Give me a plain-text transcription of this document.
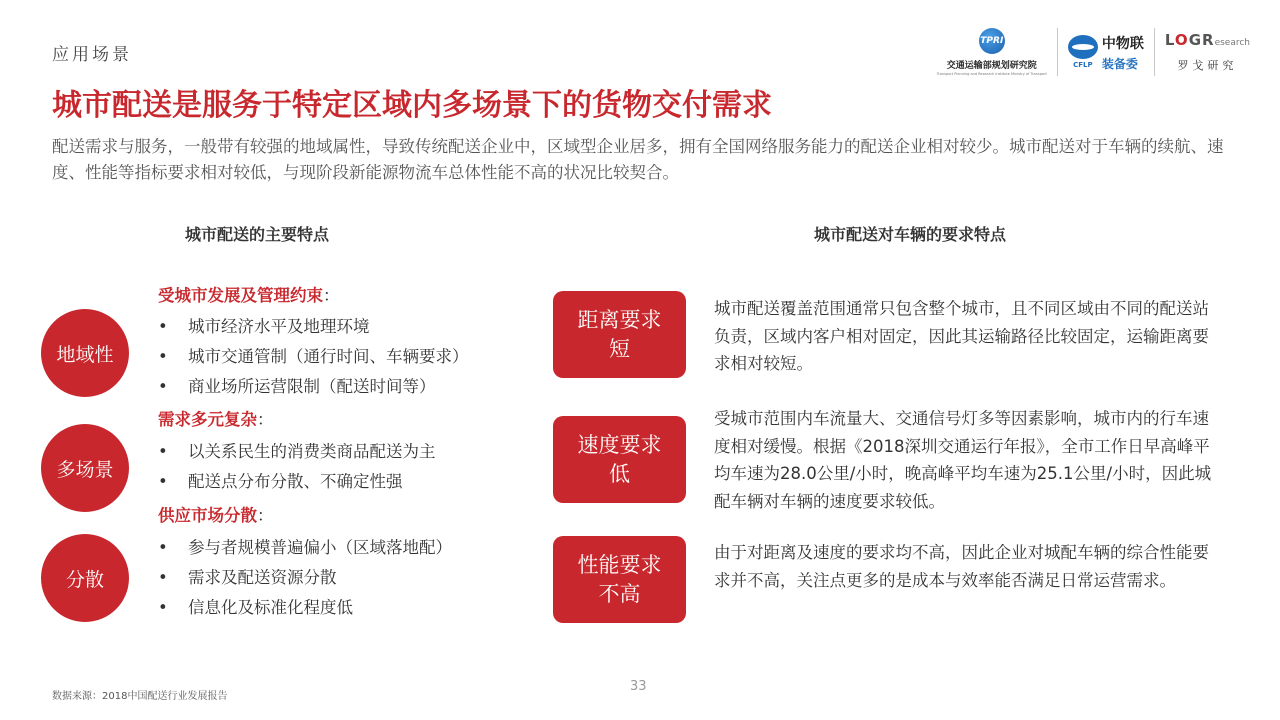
应用场景
TPRI
交通运输部规划研究院
Transport Planning and Research Institute Ministry of Transport
CFLP
中物联
装备委
LOGR esearch
罗戈研究
城市配送是服务于特定区域内多场景下的货物交付需求
配送需求与服务，一般带有较强的地域属性，导致传统配送企业中，区域型企业居多，拥有全国网络服务能力的配送企业相对较少。城市配送对于车辆的续航、速度、性能等指标要求相对较低，与现阶段新能源物流车总体性能不高的状况比较契合。
城市配送的主要特点	城市配送对车辆的要求特点
地域性
受城市发展及管理约束：
• 城市经济水平及地理环境
• 城市交通管制（通行时间、车辆要求）
• 商业场所运营限制（配送时间等）
多场景
需求多元复杂：
• 以关系民生的消费类商品配送为主
• 配送点分布分散、不确定性强
分散
供应市场分散：
• 参与者规模普遍偏小（区域落地配）
• 需求及配送资源分散
• 信息化及标准化程度低
距离要求
短
城市配送覆盖范围通常只包含整个城市，且不同区域由不同的配送站负责，区域内客户相对固定，因此其运输路径比较固定，运输距离要求相对较短。
速度要求
低
受城市范围内车流量大、交通信号灯多等因素影响，城市内的行车速度相对缓慢。根据《2018深圳交通运行年报》，全市工作日早高峰平均车速为28.0公里/小时，晚高峰平均车速为25.1公里/小时，因此城配车辆对车辆的速度要求较低。
性能要求
不高
由于对距离及速度的要求均不高，因此企业对城配车辆的综合性能要求并不高，关注点更多的是成本与效率能否满足日常运营需求。
数据来源：2018中国配送行业发展报告
33
